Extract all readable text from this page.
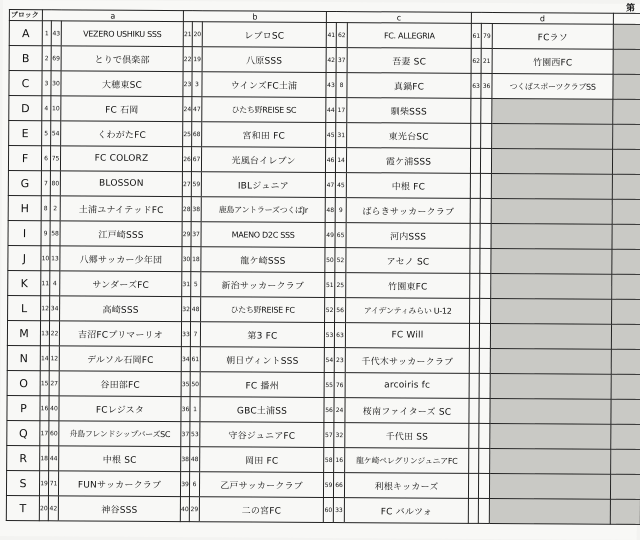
第
ブロック	a			b			c			d			
A	1	43	VEZERO USHIKU SSS	21	20	レブロSC	41	62	FC. ALLEGRIA	61	79	FCラソ	
B	2	69	とりで倶楽部	22	19	八原SSS	42	37	吾妻 SC	62	21	竹園西FC	
C	3	30	大穂東SC	23	3	ウインズFC土浦	43	8	真鍋FC	63	36	つくばスポーツクラブSS	
D	4	10	FC 石岡	24	47	ひたち野REISE SC	44	17	馴柴SSS				
E	5	54	くわがたFC	25	68	宮和田 FC	45	31	東光台SC				
F	6	75	FC COLORZ	26	67	光風台イレブン	46	14	霞ケ浦SSS				
G	7	80	BLOSSON	27	59	IBLジュニア	47	45	中根 FC				
H	8	2	土浦ユナイテッドFC	28	38	鹿島アントラーズつくばJr	48	9	ばらきサッカークラブ				
I	9	58	江戸崎SSS	29	37	MAENO D2C SSS	49	65	河内SSS				
J	10	13	八郷サッカー少年団	30	18	龍ケ崎SSS	50	52	アセノ SC				
K	11	4	サンダーズFC	31	5	新治サッカークラブ	51	25	竹園東FC				
L	12	34	高崎SSS	32	48	ひたち野REISE FC	52	56	アイデンティみらい U-12				
M	13	22	吉沼FCプリマーリオ	33	7	第3 FC	53	63	FC Will				
N	14	12	デルソル石岡FC	34	61	朝日ヴィントSSS	54	23	千代木サッカークラブ				
O	15	27	谷田部FC	35	50	FC 播州	55	76	arcoiris fc				
P	16	40	FCレジスタ	36	1	GBC土浦SS	56	24	桜南ファイターズ SC				
Q	17	60	舟島フレンドシップバーズSC	37	53	守谷ジュニアFC	57	32	千代田 SS				
R	18	44	中根 SC	38	48	岡田 FC	58	16	龍ケ崎ペレグリンジュニアFC				
S	19	71	FUNサッカークラブ	39	6	乙戸サッカークラブ	59	66	利根キッカーズ				
T	20	42	神谷SSS	40	29	二の宮FC	60	33	FC バルツォ				
